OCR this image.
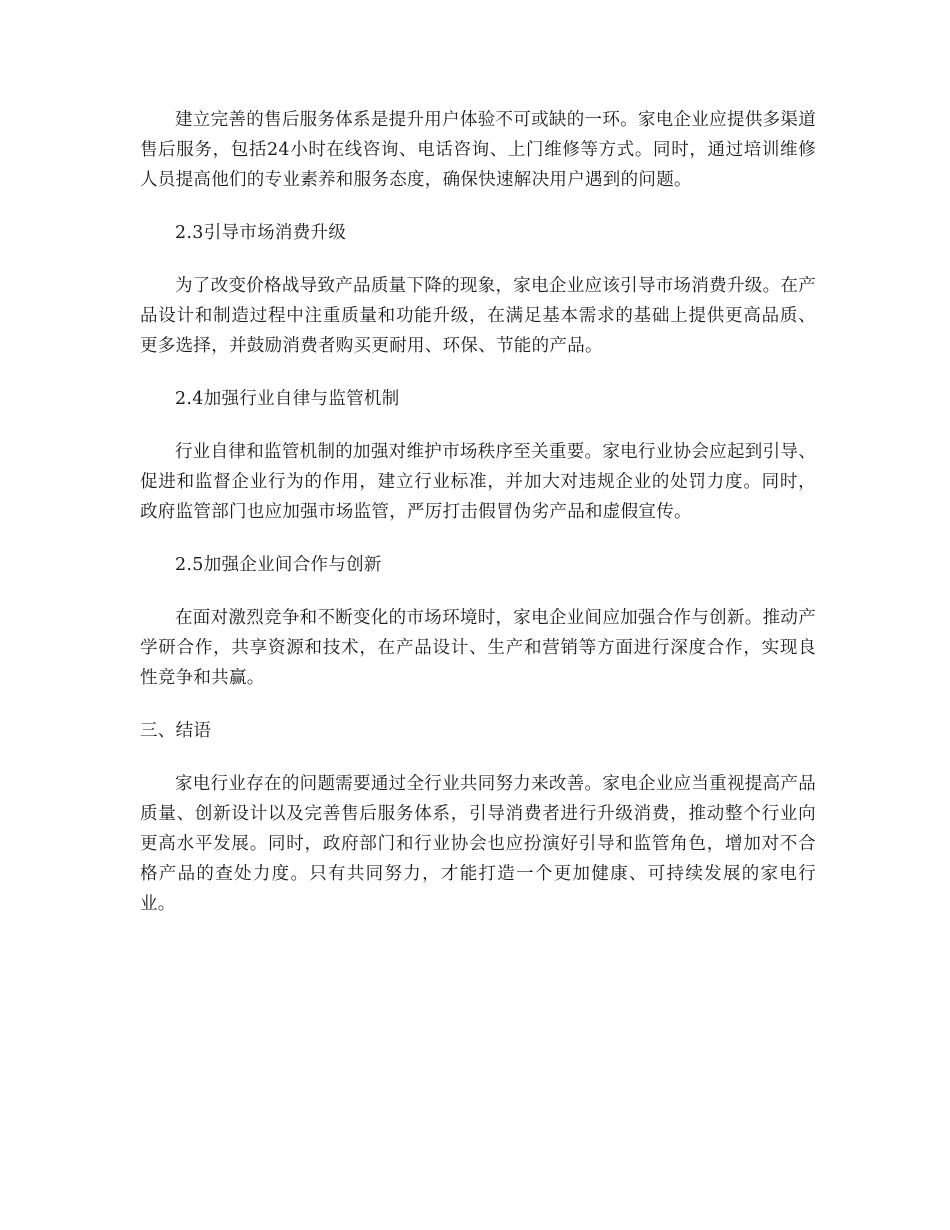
建立完善的售后服务体系是提升用户体验不可或缺的一环。家电企业应提供多渠道售后服务，包括24小时在线咨询、电话咨询、上门维修等方式。同时，通过培训维修人员提高他们的专业素养和服务态度，确保快速解决用户遇到的问题。

2.3引导市场消费升级

为了改变价格战导致产品质量下降的现象，家电企业应该引导市场消费升级。在产品设计和制造过程中注重质量和功能升级，在满足基本需求的基础上提供更高品质、更多选择，并鼓励消费者购买更耐用、环保、节能的产品。

2.4加强行业自律与监管机制

行业自律和监管机制的加强对维护市场秩序至关重要。家电行业协会应起到引导、促进和监督企业行为的作用，建立行业标准，并加大对违规企业的处罚力度。同时，政府监管部门也应加强市场监管，严厉打击假冒伪劣产品和虚假宣传。

2.5加强企业间合作与创新

在面对激烈竞争和不断变化的市场环境时，家电企业间应加强合作与创新。推动产学研合作，共享资源和技术，在产品设计、生产和营销等方面进行深度合作，实现良性竞争和共赢。

三、结语

家电行业存在的问题需要通过全行业共同努力来改善。家电企业应当重视提高产品质量、创新设计以及完善售后服务体系，引导消费者进行升级消费，推动整个行业向更高水平发展。同时，政府部门和行业协会也应扮演好引导和监管角色，增加对不合格产品的查处力度。只有共同努力，才能打造一个更加健康、可持续发展的家电行业。
